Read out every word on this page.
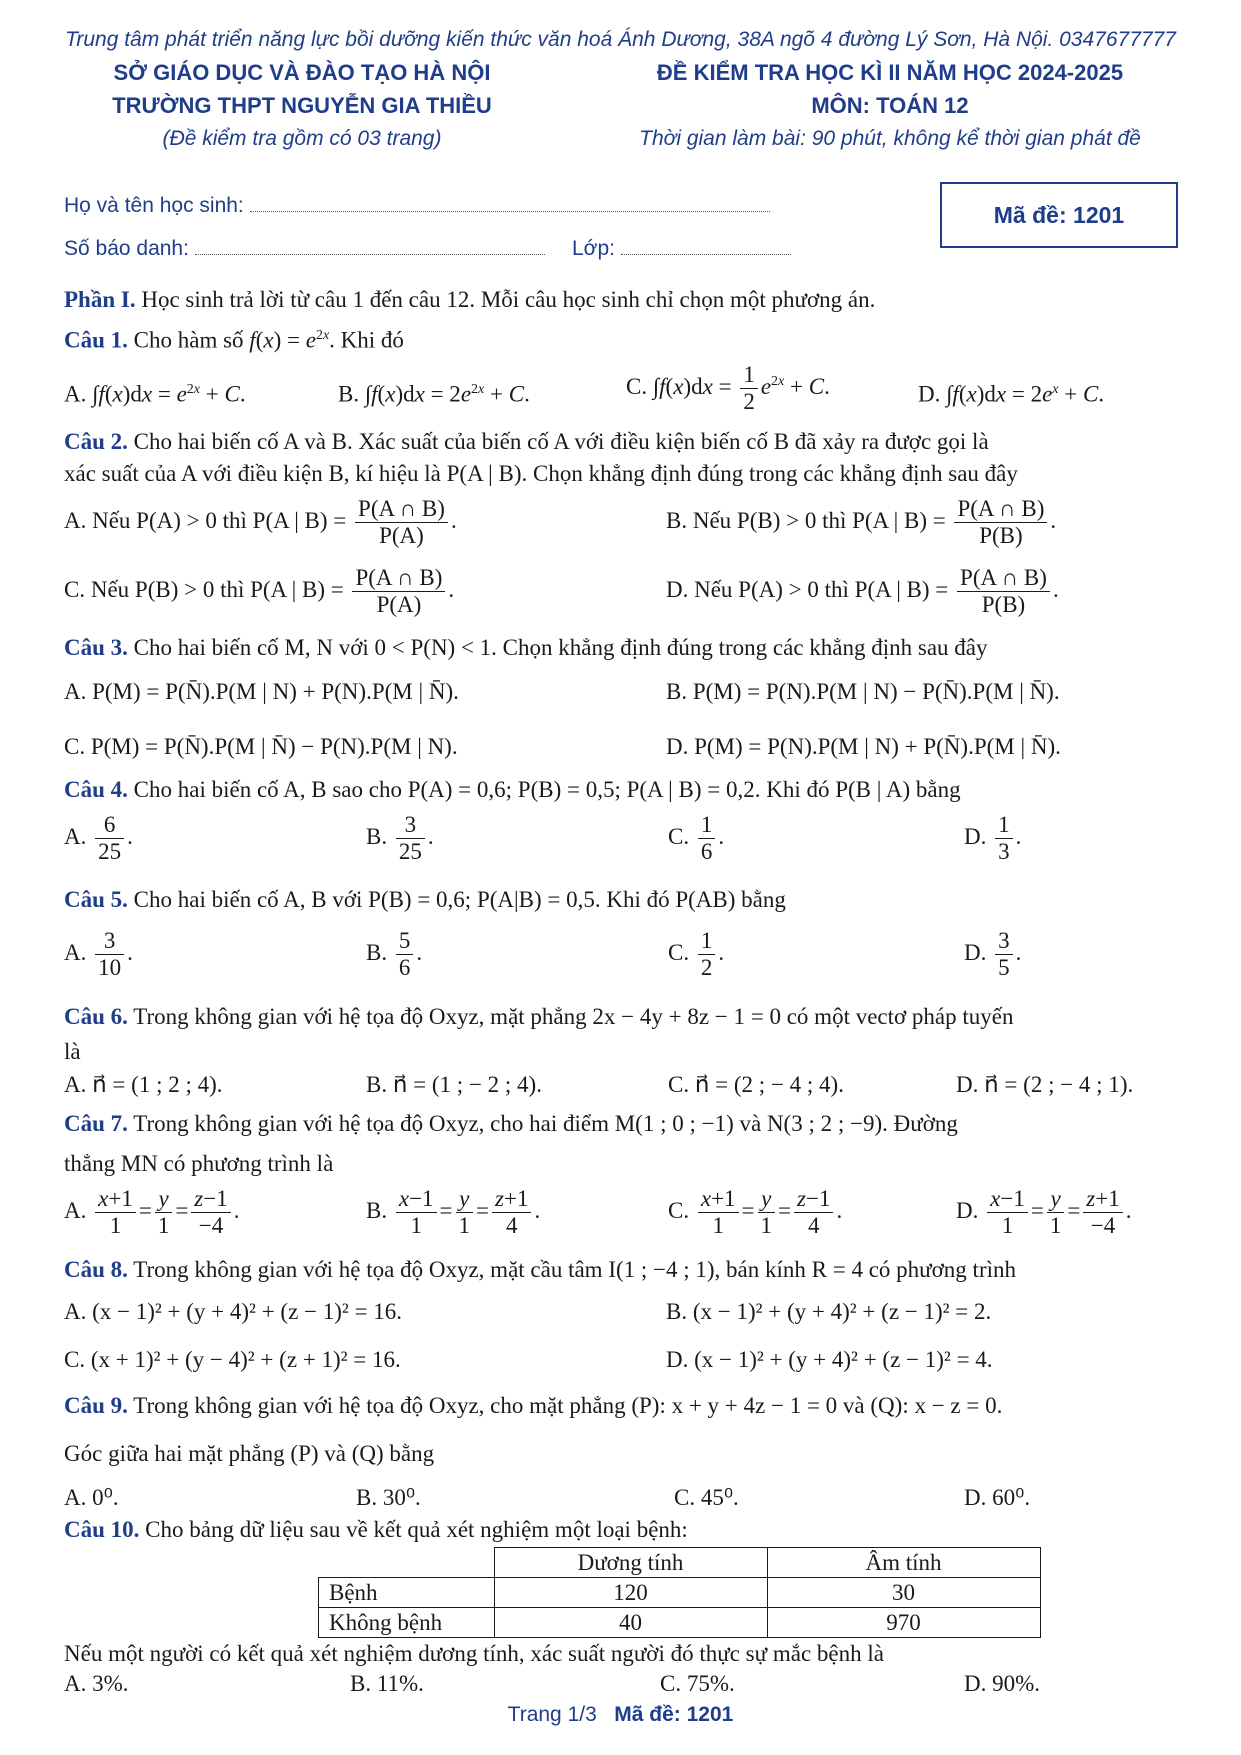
Trung tâm phát triển năng lực bồi dưỡng kiến thức văn hoá Ánh Dương, 38A ngõ 4 đường Lý Sơn, Hà Nội. 0347677777
SỞ GIÁO DỤC VÀ ĐÀO TẠO HÀ NỘI
TRƯỜNG THPT NGUYỄN GIA THIỀU
(Đề kiểm tra gồm có 03 trang)
ĐỀ KIỂM TRA HỌC KÌ II NĂM HỌC 2024-2025
MÔN: TOÁN 12
Thời gian làm bài: 90 phút, không kể thời gian phát đề
Họ và tên học sinh:
Số báo danh:	Lớp:
Mã đề: 1201
Phần I. Học sinh trả lời từ câu 1 đến câu 12. Mỗi câu học sinh chỉ chọn một phương án.
Câu 1. Cho hàm số $f(x) = e^{2x}$. Khi đó
A. $\int f(x)dx = e^{2x} + C$.	B. $\int f(x)dx = 2e^{2x} + C$.	C. $\int f(x)dx = \frac{1}{2} e^{2x} + C$.	D. $\int f(x)dx = 2e^x + C$.
Câu 2. Cho hai biến cố A và B. Xác suất của biến cố A với điều kiện biến cố B đã xảy ra được gọi là
xác suất của A với điều kiện B, kí hiệu là P(A | B). Chọn khẳng định đúng trong các khẳng định sau đây
A. Nếu P(A) > 0 thì P(A | $B) = \frac{P(A \cap B)}{P(A)}$ .	B. Nếu P(B) > 0 thì P(A | $B) = \frac{P(A \cap B)}{P(B)}$ .
C. Nếu P(B) > 0 thì P(A | $B) = \frac{P(A \cap B)}{P(A)}$ .	D. Nếu P(A) > 0 thì P(A | $B) = \frac{P(A \cap B)}{P(B)}$ .
Câu 3. Cho hai biến cố M, N với 0 < P(N) < 1. Chọn khẳng định đúng trong các khẳng định sau đây
A. P(M) = P(N̄).P(M | N) + P(N).P(M | N̄).	B. P(M) = P(N).P(M | N) − P(N̄).P(M | N̄).
C. P(M) = P(N̄).P(M | N̄) − P(N).P(M | N).	D. P(M) = P(N).P(M | N) + P(N̄).P(M | N̄).
Câu 4. Cho hai biến cố A, B sao cho P(A) = 0,6; P(B) = 0,5; P(A | B) = 0,2. Khi đó P(B | A) bằng
A. $\frac{6}{25}$ .	B. $\frac{3}{25}$ .	C. $\frac{1}{6}$ .	D. $\frac{1}{3}$ .
Câu 5. Cho hai biến cố A, B với P(B) = 0,6; P(A|B) = 0,5. Khi đó P(AB) bằng
A. $\frac{3}{10}$ .	B. $\frac{5}{6}$ .	C. $\frac{1}{2}$ .	D. $\frac{3}{5}$ .
Câu 6. Trong không gian với hệ tọa độ Oxyz, mặt phẳng 2x − 4y + 8z − 1 = 0 có một vectơ pháp tuyến
là
A. n⃗ = (1 ; 2 ; 4).	B. n⃗ = (1 ; − 2 ; 4).	C. n⃗ = (2 ; − 4 ; 4).	D. n⃗ = (2 ; − 4 ; 1).
Câu 7. Trong không gian với hệ tọa độ Oxyz, cho hai điểm M(1 ; 0 ; −1) và N(3 ; 2 ; −9). Đường
thẳng MN có phương trình là
A. $\frac{x+1}{1} = \frac{y}{1} = \frac{z-1}{-4}$ .	B. $\frac{x-1}{1} = \frac{y}{1} = \frac{z+1}{4}$ .	C. $\frac{x+1}{1} = \frac{y}{1} = \frac{z-1}{4}$ .	D. $\frac{x-1}{1} = \frac{y}{1} = \frac{z+1}{-4}$ .
Câu 8. Trong không gian với hệ tọa độ Oxyz, mặt cầu tâm I(1 ; −4 ; 1), bán kính R = 4 có phương trình
A. (x − 1)² + (y + 4)² + (z − 1)² = 16.	B. (x − 1)² + (y + 4)² + (z − 1)² = 2.
C. (x + 1)² + (y − 4)² + (z + 1)² = 16.	D. (x − 1)² + (y + 4)² + (z − 1)² = 4.
Câu 9. Trong không gian với hệ tọa độ Oxyz, cho mặt phẳng (P): x + y + 4z − 1 = 0 và (Q): x − z = 0.
Góc giữa hai mặt phẳng (P) và (Q) bằng
A. 0⁰.	B. 30⁰.	C. 45⁰.	D. 60⁰.
Câu 10. Cho bảng dữ liệu sau về kết quả xét nghiệm một loại bệnh:
	Dương tính	Âm tính
Bệnh	120	30
Không bệnh	40	970
Nếu một người có kết quả xét nghiệm dương tính, xác suất người đó thực sự mắc bệnh là
A. 3%.	B. 11%.	C. 75%.	D. 90%.
Trang 1/3 Mã đề: 1201
